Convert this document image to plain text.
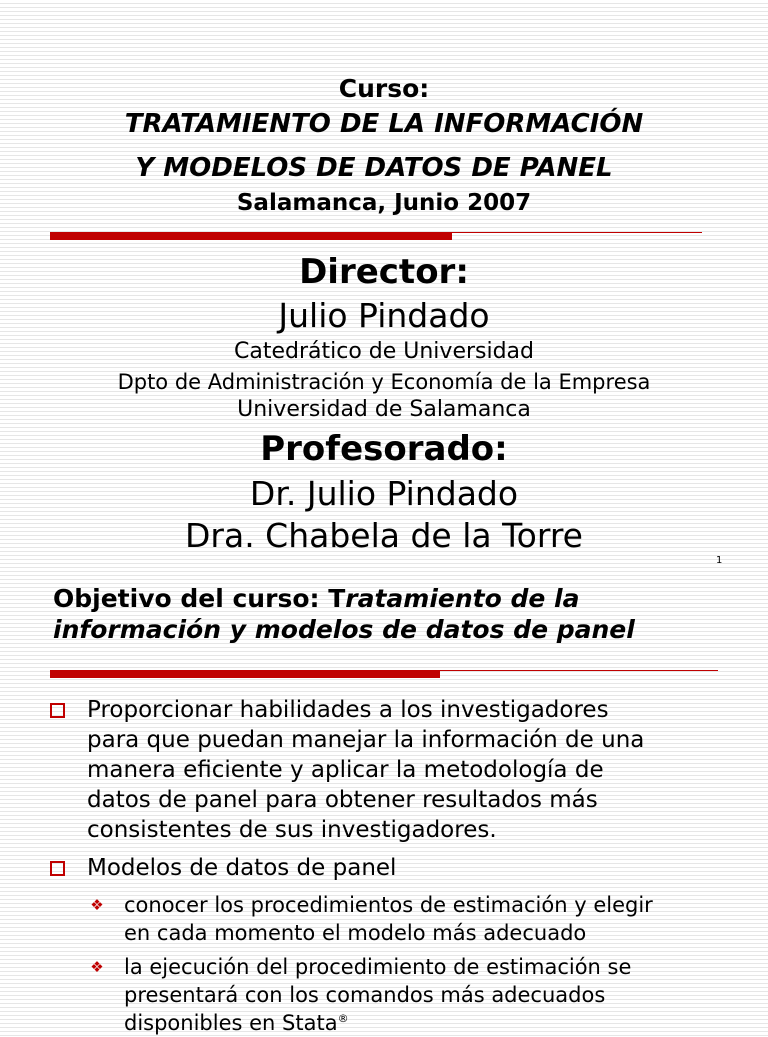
Curso:
TRATAMIENTO DE LA INFORMACIÓN
Y MODELOS DE DATOS DE PANEL
Salamanca, Junio 2007
Director:
Julio Pindado
Catedrático de Universidad
Dpto de Administración y Economía de la Empresa
Universidad de Salamanca
Profesorado:
Dr. Julio Pindado
Dra. Chabela de la Torre
1
Objetivo del curso: Tratamiento de la
información y modelos de datos de panel
Proporcionar habilidades a los investigadores
para que puedan manejar la información de una
manera eficiente y aplicar la metodología de
datos de panel para obtener resultados más
consistentes de sus investigadores.
Modelos de datos de panel
❖ conocer los procedimientos de estimación y elegir
en cada momento el modelo más adecuado
❖ la ejecución del procedimiento de estimación se
presentará con los comandos más adecuados
disponibles en Stata®
